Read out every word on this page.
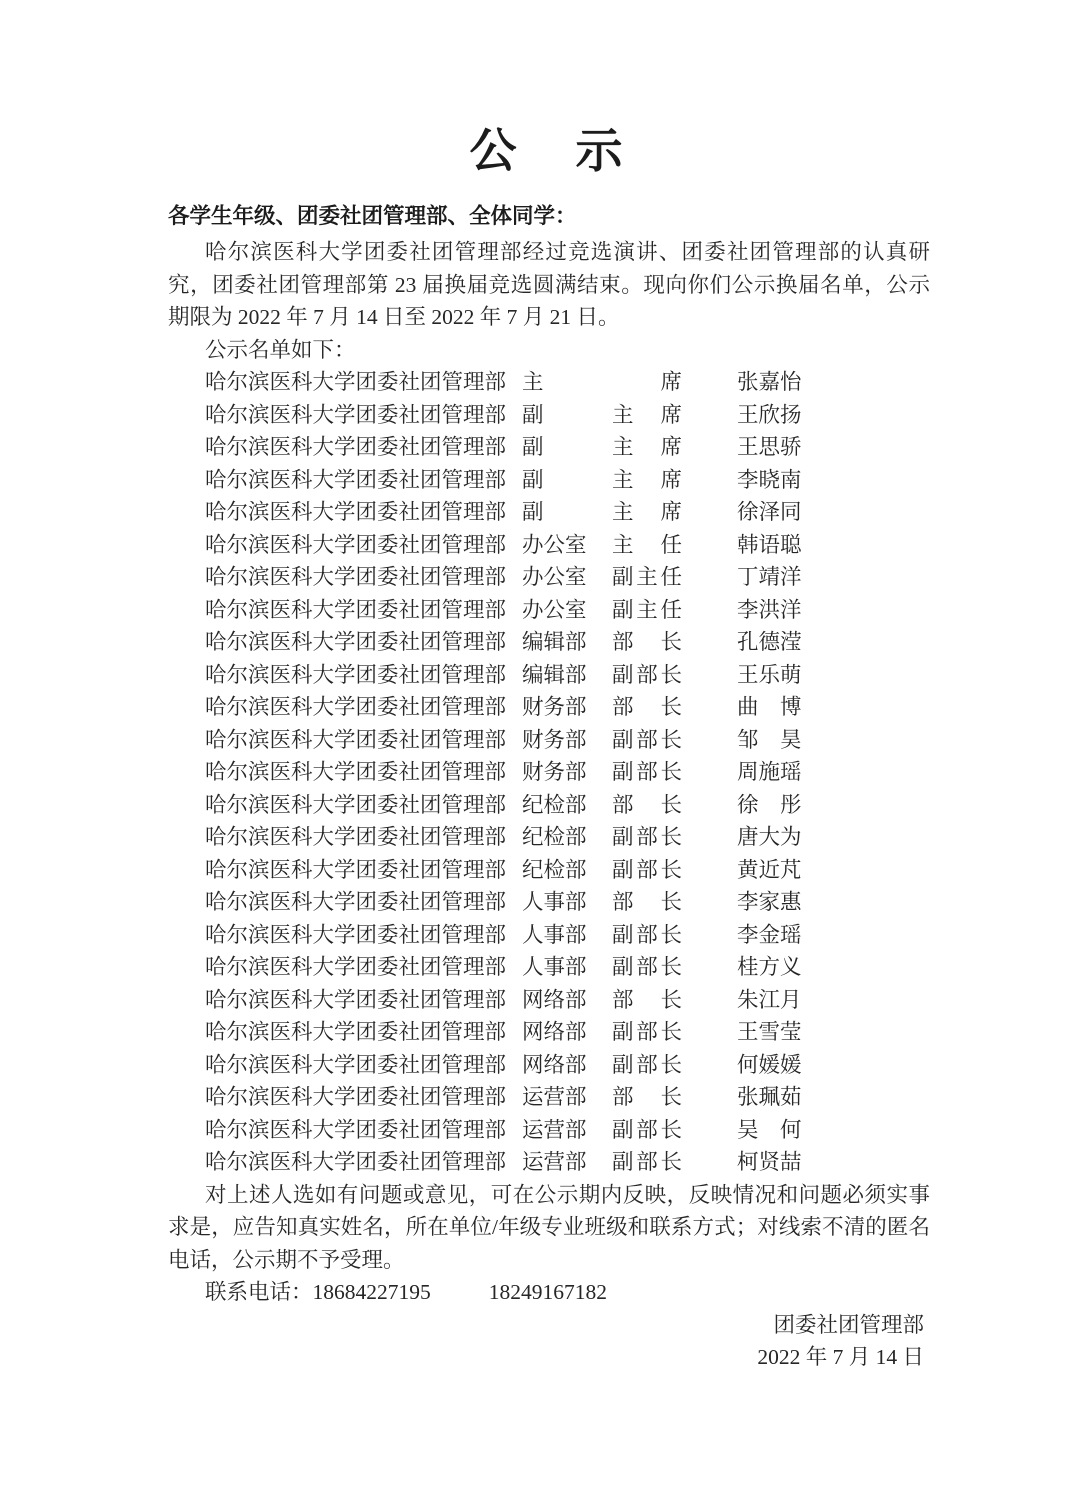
公　示
各学生年级、团委社团管理部、全体同学：

哈尔滨医科大学团委社团管理部经过竞选演讲、团委社团管理部的认真研究，团委社团管理部第 23 届换届竞选圆满结束。现向你们公示换届名单，公示期限为 2022 年 7 月 14 日至 2022 年 7 月 21 日。

公示名单如下：
哈尔滨医科大学团委社团管理部 主	席	张嘉怡
哈尔滨医科大学团委社团管理部 副	主席	王欣扬
哈尔滨医科大学团委社团管理部 副	主席	王思骄
哈尔滨医科大学团委社团管理部 副	主席	李晓南
哈尔滨医科大学团委社团管理部 副	主席	徐泽同
哈尔滨医科大学团委社团管理部 办公室	主任	韩语聪
哈尔滨医科大学团委社团管理部 办公室	副主任	丁靖洋
哈尔滨医科大学团委社团管理部 办公室	副主任	李洪洋
哈尔滨医科大学团委社团管理部 编辑部	部长	孔德滢
哈尔滨医科大学团委社团管理部 编辑部	副部长	王乐萌
哈尔滨医科大学团委社团管理部 财务部	部长	曲　博
哈尔滨医科大学团委社团管理部 财务部	副部长	邹　昊
哈尔滨医科大学团委社团管理部 财务部	副部长	周施瑶
哈尔滨医科大学团委社团管理部 纪检部	部长	徐　彤
哈尔滨医科大学团委社团管理部 纪检部	副部长	唐大为
哈尔滨医科大学团委社团管理部 纪检部	副部长	黄近芃
哈尔滨医科大学团委社团管理部 人事部	部长	李家惠
哈尔滨医科大学团委社团管理部 人事部	副部长	李金瑶
哈尔滨医科大学团委社团管理部 人事部	副部长	桂方义
哈尔滨医科大学团委社团管理部 网络部	部长	朱江月
哈尔滨医科大学团委社团管理部 网络部	副部长	王雪莹
哈尔滨医科大学团委社团管理部 网络部	副部长	何媛媛
哈尔滨医科大学团委社团管理部 运营部	部长	张珮茹
哈尔滨医科大学团委社团管理部 运营部	副部长	吴　何
哈尔滨医科大学团委社团管理部 运营部	副部长	柯贤喆

对上述人选如有问题或意见，可在公示期内反映，反映情况和问题必须实事求是，应告知真实姓名，所在单位/年级专业班级和联系方式；对线索不清的匿名电话，公示期不予受理。

联系电话：18684227195	18249167182
团委社团管理部
2022 年 7 月 14 日
